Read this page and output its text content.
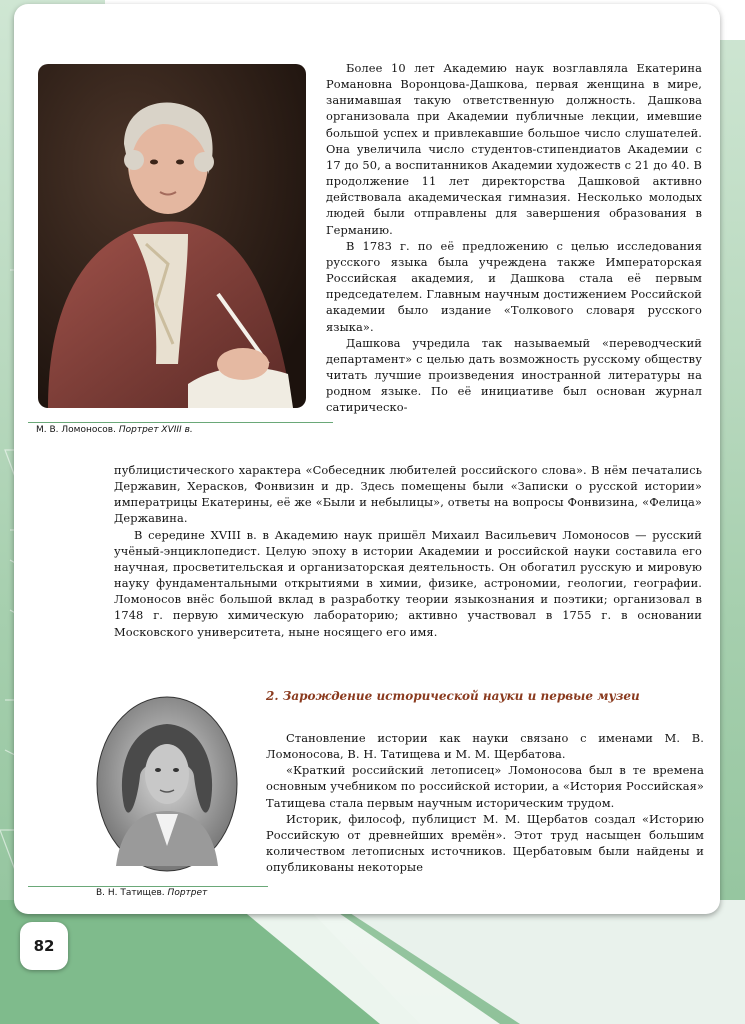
М. В. Ломоносов. Портрет XVIII в.
В. Н. Татищев. Портрет

Более 10 лет Академию наук возглавляла Екатерина Романовна Воронцова-Дашкова, первая женщина в мире, занимавшая такую ответственную должность. Дашкова организовала при Академии публичные лекции, имевшие большой успех и привлекавшие большое число слушателей. Она увеличила число студентов-стипендиатов Академии с 17 до 50, а воспитанников Академии художеств с 21 до 40. В продолжение 11 лет директорства Дашковой активно действовала академическая гимназия. Несколько молодых людей были отправлены для завершения образования в Германию.

В 1783 г. по её предложению с целью исследования русского языка была учреждена также Императорская Российская академия, и Дашкова стала её первым председателем. Главным научным достижением Российской академии было издание «Толкового словаря русского языка».

Дашкова учредила так называемый «переводческий департамент» с целью дать возможность русскому обществу читать лучшие произведения иностранной литературы на родном языке. По её инициативе был основан журнал сатирическо-

публицистического характера «Собеседник любителей российского слова». В нём печатались Державин, Херасков, Фонвизин и др. Здесь помещены были «Записки о русской истории» императрицы Екатерины, её же «Были и небылицы», ответы на вопросы Фонвизина, «Фелица» Державина.

В середине XVIII в. в Академию наук пришёл Михаил Васильевич Ломоносов — русский учёный-энциклопедист. Целую эпоху в истории Академии и российской науки составила его научная, просветительская и организаторская деятельность. Он обогатил русскую и мировую науку фундаментальными открытиями в химии, физике, астрономии, геологии, географии. Ломоносов внёс большой вклад в разработку теории языкознания и поэтики; организовал в 1748 г. первую химическую лабораторию; активно участвовал в 1755 г. в основании Московского университета, ныне носящего его имя.

2. Зарождение исторической науки и первые музеи

Становление истории как науки связано с именами М. В. Ломоносова, В. Н. Татищева и М. М. Щербатова.

«Краткий российский летописец» Ломоносова был в те времена основным учебником по российской истории, а «История Российская» Татищева стала первым научным историческим трудом.

Историк, философ, публицист М. М. Щербатов создал «Историю Российскую от древнейших времён». Этот труд насыщен большим количеством летописных источников. Щербатовым были найдены и опубликованы некоторые

82
